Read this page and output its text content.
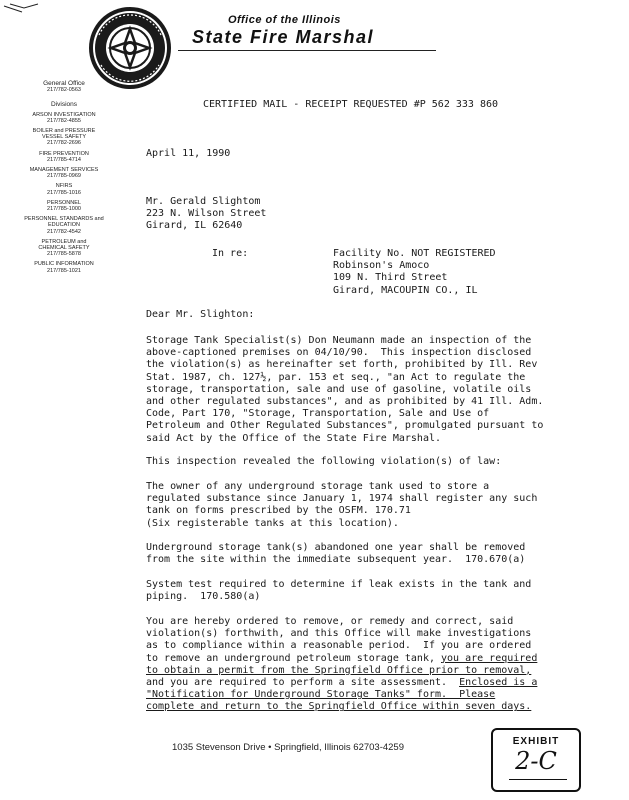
Office of the Illinois
State Fire Marshal
General Office
217/782-0563
Divisions
ARSON INVESTIGATION
217/782-4855
BOILER and PRESSURE VESSEL SAFETY
217/782-2696
FIRE PREVENTION
217/785-4714
MANAGEMENT SERVICES
217/785-0969
NFIRS
217/785-1016
PERSONNEL
217/785-1000
PERSONNEL STANDARDS and EDUCATION
217/782-4542
PETROLEUM and CHEMICAL SAFETY
217/785-5878
PUBLIC INFORMATION
217/785-1021
CERTIFIED MAIL - RECEIPT REQUESTED #P 562 333 860
April 11, 1990
Mr. Gerald Slightom
223 N. Wilson Street
Girard, IL 62640
In re:	Facility No. NOT REGISTERED
Robinson's Amoco
109 N. Third Street
Girard, MACOUPIN CO., IL
Dear Mr. Slighton:
Storage Tank Specialist(s) Don Neumann made an inspection of the
above-captioned premises on 04/10/90.  This inspection disclosed
the violation(s) as hereinafter set forth, prohibited by Ill. Rev
Stat. 1987, ch. 127½, par. 153 et seq., "an Act to regulate the
storage, transportation, sale and use of gasoline, volatile oils
and other regulated substances", and as prohibited by 41 Ill. Adm.
Code, Part 170, "Storage, Transportation, Sale and Use of
Petroleum and Other Regulated Substances", promulgated pursuant to
said Act by the Office of the State Fire Marshal.
This inspection revealed the following violation(s) of law:
The owner of any underground storage tank used to store a
regulated substance since January 1, 1974 shall register any such
tank on forms prescribed by the OSFM. 170.71
(Six registerable tanks at this location).
Underground storage tank(s) abandoned one year shall be removed
from the site within the immediate subsequent year.  170.670(a)
System test required to determine if leak exists in the tank and
piping.  170.580(a)
You are hereby ordered to remove, or remedy and correct, said
violation(s) forthwith, and this Office will make investigations
as to compliance within a reasonable period.  If you are ordered
to remove an underground petroleum storage tank, you are required
to obtain a permit from the Springfield Office prior to removal,
and you are required to perform a site assessment.  Enclosed is a
"Notification for Underground Storage Tanks" form.  Please
complete and return to the Springfield Office within seven days.
1035 Stevenson Drive • Springfield, Illinois 62703-4259
EXHIBIT
2-C
